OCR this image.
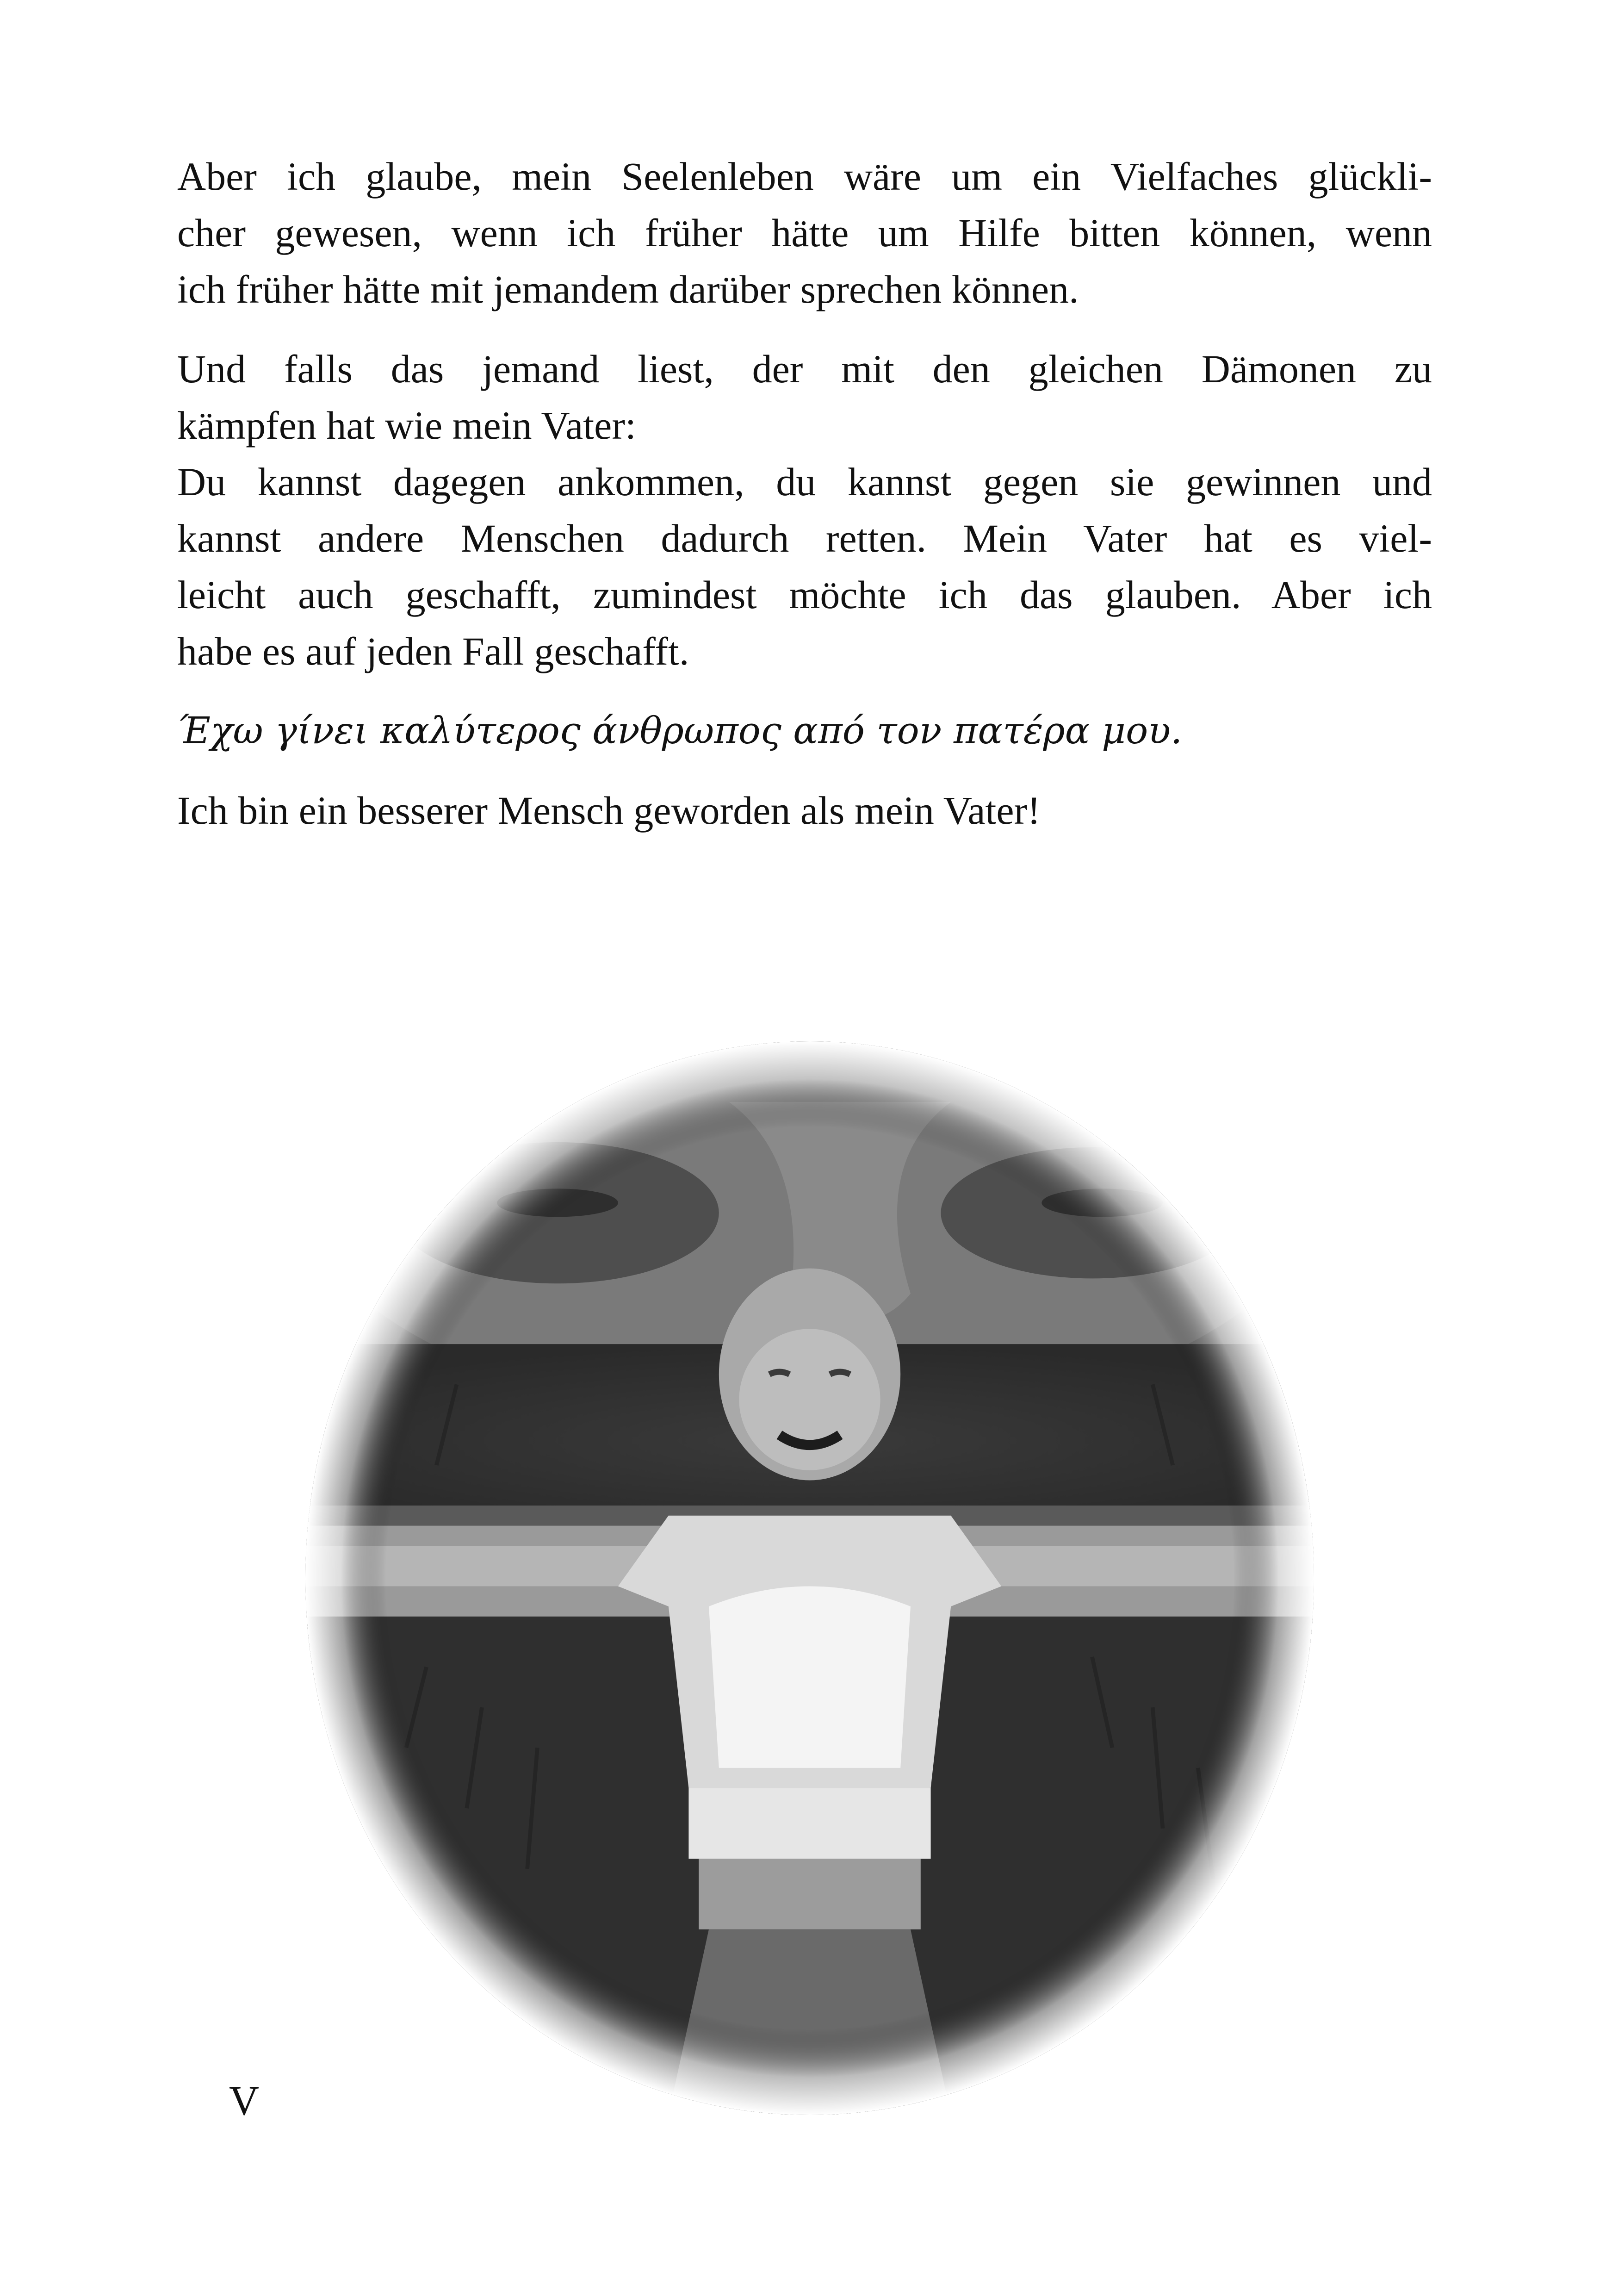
Aber ich glaube, mein Seelenleben wäre um ein Vielfaches glückli-
cher gewesen, wenn ich früher hätte um Hilfe bitten können, wenn
ich früher hätte mit jemandem darüber sprechen können.

Und falls das jemand liest, der mit den gleichen Dämonen zu
kämpfen hat wie mein Vater:
Du kannst dagegen ankommen, du kannst gegen sie gewinnen und
kannst andere Menschen dadurch retten. Mein Vater hat es viel-
leicht auch geschafft, zumindest möchte ich das glauben. Aber ich
habe es auf jeden Fall geschafft.

Έχω γίνει καλύτερος άνθρωπος από τον πατέρα μου.

Ich bin ein besserer Mensch geworden als mein Vater!

V
